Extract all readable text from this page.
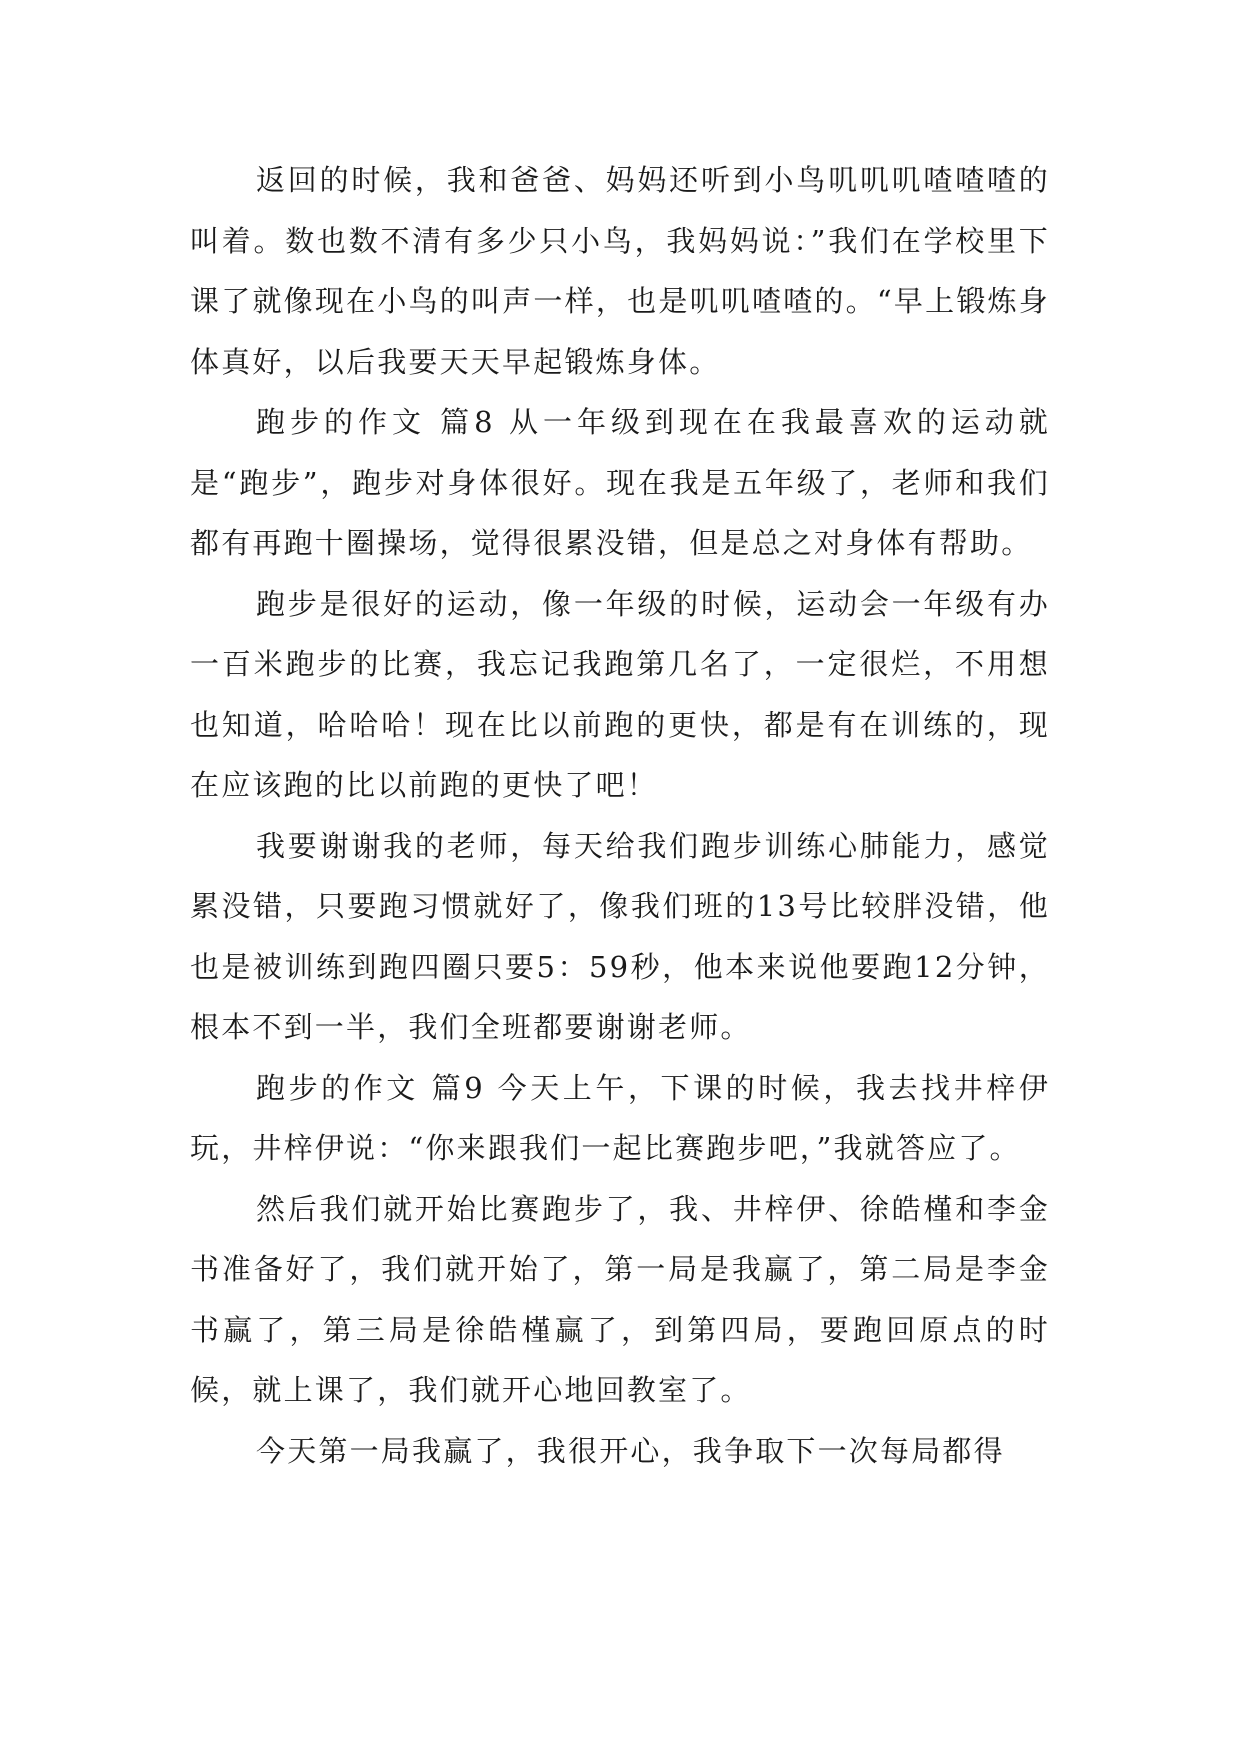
返回的时候，我和爸爸、妈妈还听到小鸟叽叽叽喳喳喳的叫着。数也数不清有多少只小鸟，我妈妈说：”我们在学校里下课了就像现在小鸟的叫声一样，也是叽叽喳喳的。“早上锻炼身体真好，以后我要天天早起锻炼身体。

跑步的作文 篇8 从一年级到现在在我最喜欢的运动就是“跑步”，跑步对身体很好。现在我是五年级了，老师和我们都有再跑十圈操场，觉得很累没错，但是总之对身体有帮助。

跑步是很好的运动，像一年级的时候，运动会一年级有办一百米跑步的比赛，我忘记我跑第几名了，一定很烂，不用想也知道，哈哈哈！现在比以前跑的更快，都是有在训练的，现在应该跑的比以前跑的更快了吧！

我要谢谢我的老师，每天给我们跑步训练心肺能力，感觉累没错，只要跑习惯就好了，像我们班的13号比较胖没错，他也是被训练到跑四圈只要5：59秒，他本来说他要跑12分钟，根本不到一半，我们全班都要谢谢老师。

跑步的作文 篇9 今天上午，下课的时候，我去找井梓伊玩，井梓伊说：“你来跟我们一起比赛跑步吧，”我就答应了。

然后我们就开始比赛跑步了，我、井梓伊、徐皓槿和李金书准备好了，我们就开始了，第一局是我赢了，第二局是李金书赢了，第三局是徐皓槿赢了，到第四局，要跑回原点的时候，就上课了，我们就开心地回教室了。

今天第一局我赢了，我很开心，我争取下一次每局都得
